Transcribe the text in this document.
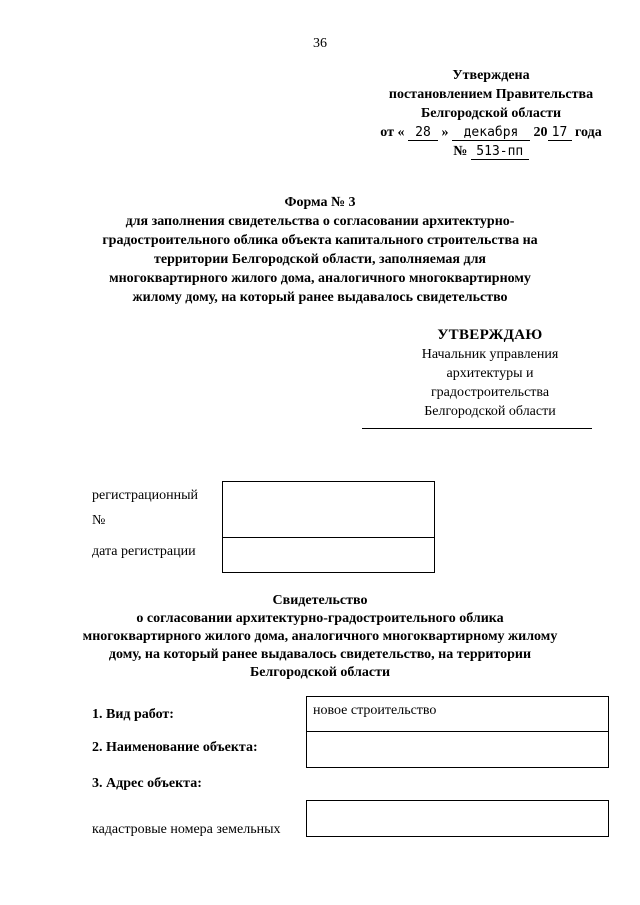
36
Утверждена
постановлением Правительства
Белгородской области
от « 28 » декабря 20 17 года
№ 513-пп
Форма № 3
для заполнения свидетельства о согласовании архитектурно-градостроительного облика объекта капитального строительства на территории Белгородской области, заполняемая для многоквартирного жилого дома, аналогичного многоквартирному жилому дому, на который ранее выдавалось свидетельство
УТВЕРЖДАЮ
Начальник управления
архитектуры и градостроительства
Белгородской области
регистрационный
№
дата регистрации
Свидетельство
о согласовании архитектурно-градостроительного облика многоквартирного жилого дома, аналогичного многоквартирному жилому дому, на который ранее выдавалось свидетельство, на территории Белгородской области
1. Вид работ:	новое строительство
2. Наименование объекта:
3. Адрес объекта:
кадастровые номера земельных
